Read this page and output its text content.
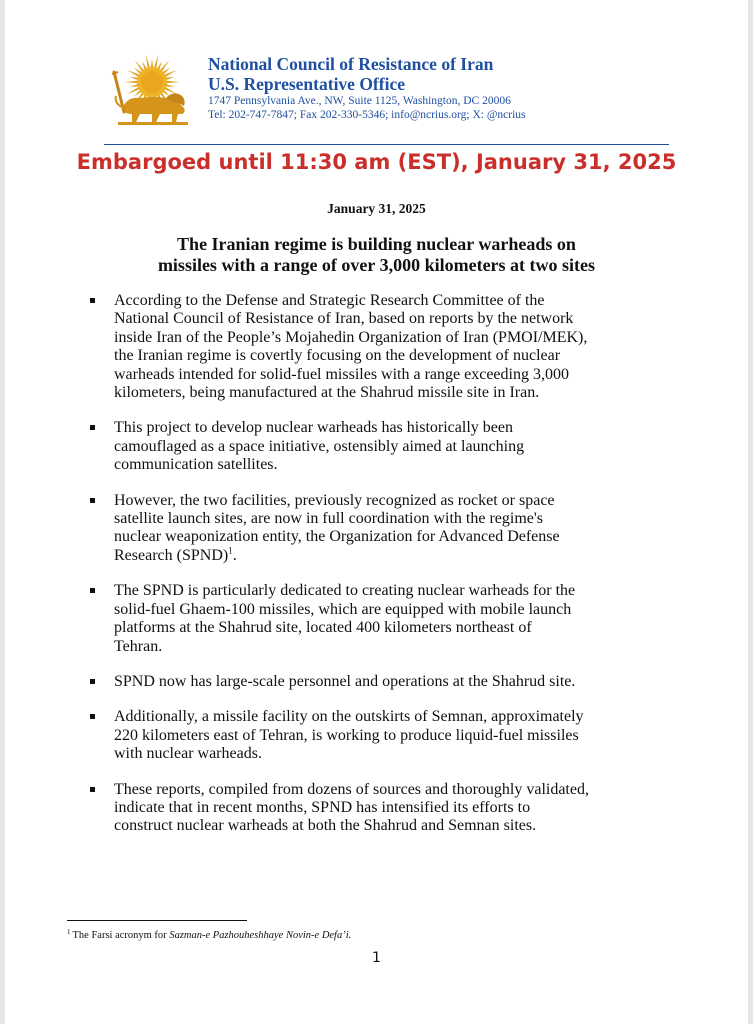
National Council of Resistance of Iran
U.S. Representative Office
1747 Pennsylvania Ave., NW, Suite 1125, Washington, DC 20006
Tel: 202-747-7847; Fax 202-330-5346; info@ncrius.org; X: @ncrius
Embargoed until 11:30 am (EST), January 31, 2025
January 31, 2025
The Iranian regime is building nuclear warheads on
missiles with a range of over 3,000 kilometers at two sites
According to the Defense and Strategic Research Committee of the
National Council of Resistance of Iran, based on reports by the network
inside Iran of the People’s Mojahedin Organization of Iran (PMOI/MEK),
the Iranian regime is covertly focusing on the development of nuclear
warheads intended for solid-fuel missiles with a range exceeding 3,000
kilometers, being manufactured at the Shahrud missile site in Iran.
This project to develop nuclear warheads has historically been
camouflaged as a space initiative, ostensibly aimed at launching
communication satellites.
However, the two facilities, previously recognized as rocket or space
satellite launch sites, are now in full coordination with the regime's
nuclear weaponization entity, the Organization for Advanced Defense
Research (SPND)$^1$.
The SPND is particularly dedicated to creating nuclear warheads for the
solid-fuel Ghaem-100 missiles, which are equipped with mobile launch
platforms at the Shahrud site, located 400 kilometers northeast of
Tehran.
SPND now has large-scale personnel and operations at the Shahrud site.
Additionally, a missile facility on the outskirts of Semnan, approximately
220 kilometers east of Tehran, is working to produce liquid-fuel missiles
with nuclear warheads.
These reports, compiled from dozens of sources and thoroughly validated,
indicate that in recent months, SPND has intensified its efforts to
construct nuclear warheads at both the Shahrud and Semnan sites.
$^1$ The Farsi acronym for Sazman-e Pazhouheshhaye Novin-e Defa’i.
1
